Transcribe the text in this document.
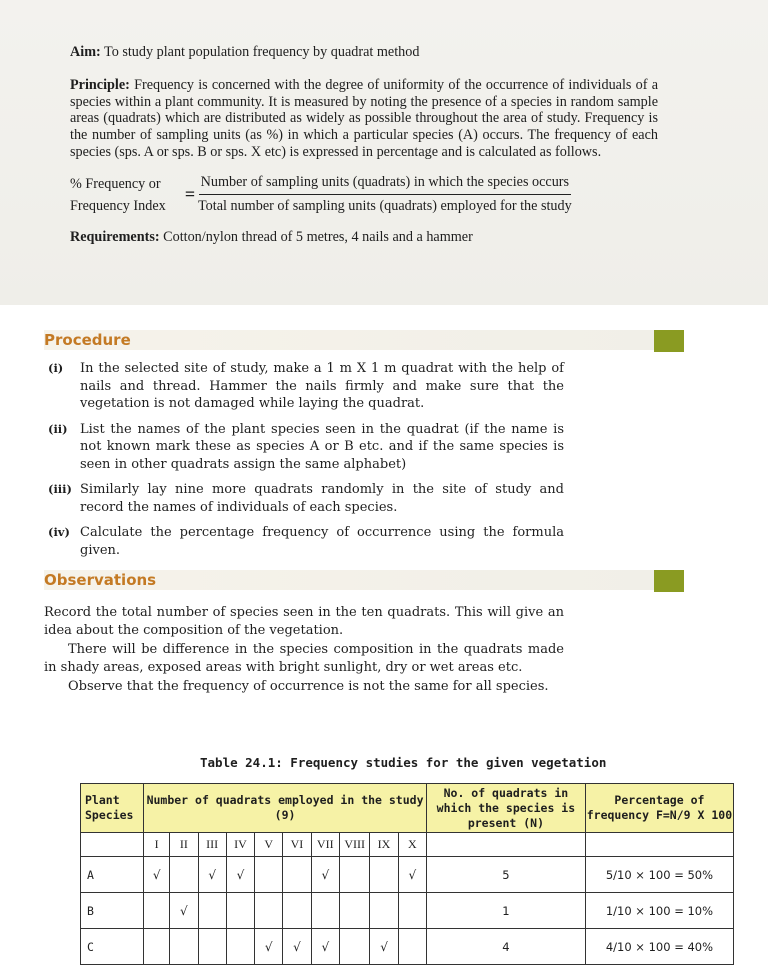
Aim: To study plant population frequency by quadrat method

Principle: Frequency is concerned with the degree of uniformity of the occurrence of individuals of a species within a plant community. It is measured by noting the presence of a species in random sample areas (quadrats) which are distributed as widely as possible throughout the area of study. Frequency is the number of sampling units (as %) in which a particular species (A) occurs. The frequency of each species (sps. A or sps. B or sps. X etc) is expressed in percentage and is calculated as follows.

% Frequency or
Frequency Index
=
Number of sampling units (quadrats) in which the species occurs
Total number of sampling units (quadrats) employed for the study

Requirements: Cotton/nylon thread of 5 metres, 4 nails and a hammer

Procedure
(i)	In the selected site of study, make a 1 m X 1 m quadrat with the help of nails and thread. Hammer the nails firmly and make sure that the vegetation is not damaged while laying the quadrat.
(ii) List the names of the plant species seen in the quadrat (if the name is not known mark these as species A or B etc. and if the same species is seen in other quadrats assign the same alphabet)
(iii) Similarly lay nine more quadrats randomly in the site of study and record the names of individuals of each species.
(iv) Calculate the percentage frequency of occurrence using the formula given.
Observations

Record the total number of species seen in the ten quadrats. This will give an idea about the composition of the vegetation.

There will be difference in the species composition in the quadrats made in shady areas, exposed areas with bright sunlight, dry or wet areas etc.

Observe that the frequency of occurrence is not the same for all species.

Table 24.1: Frequency studies for the given vegetation
Plant Species	Number of quadrats employed in the study (9)										No. of quadrats in which the species is present (N)	Percentage of frequency F=N/9 X 100
	I	II	III	IV	V	VI	VII	VIII	IX	X		
A	√		√	√			√			√	5	5/10 × 100 = 50%
B		√									1	1/10 × 100 = 10%
C					√	√	√		√		4	4/10 × 100 = 40%
